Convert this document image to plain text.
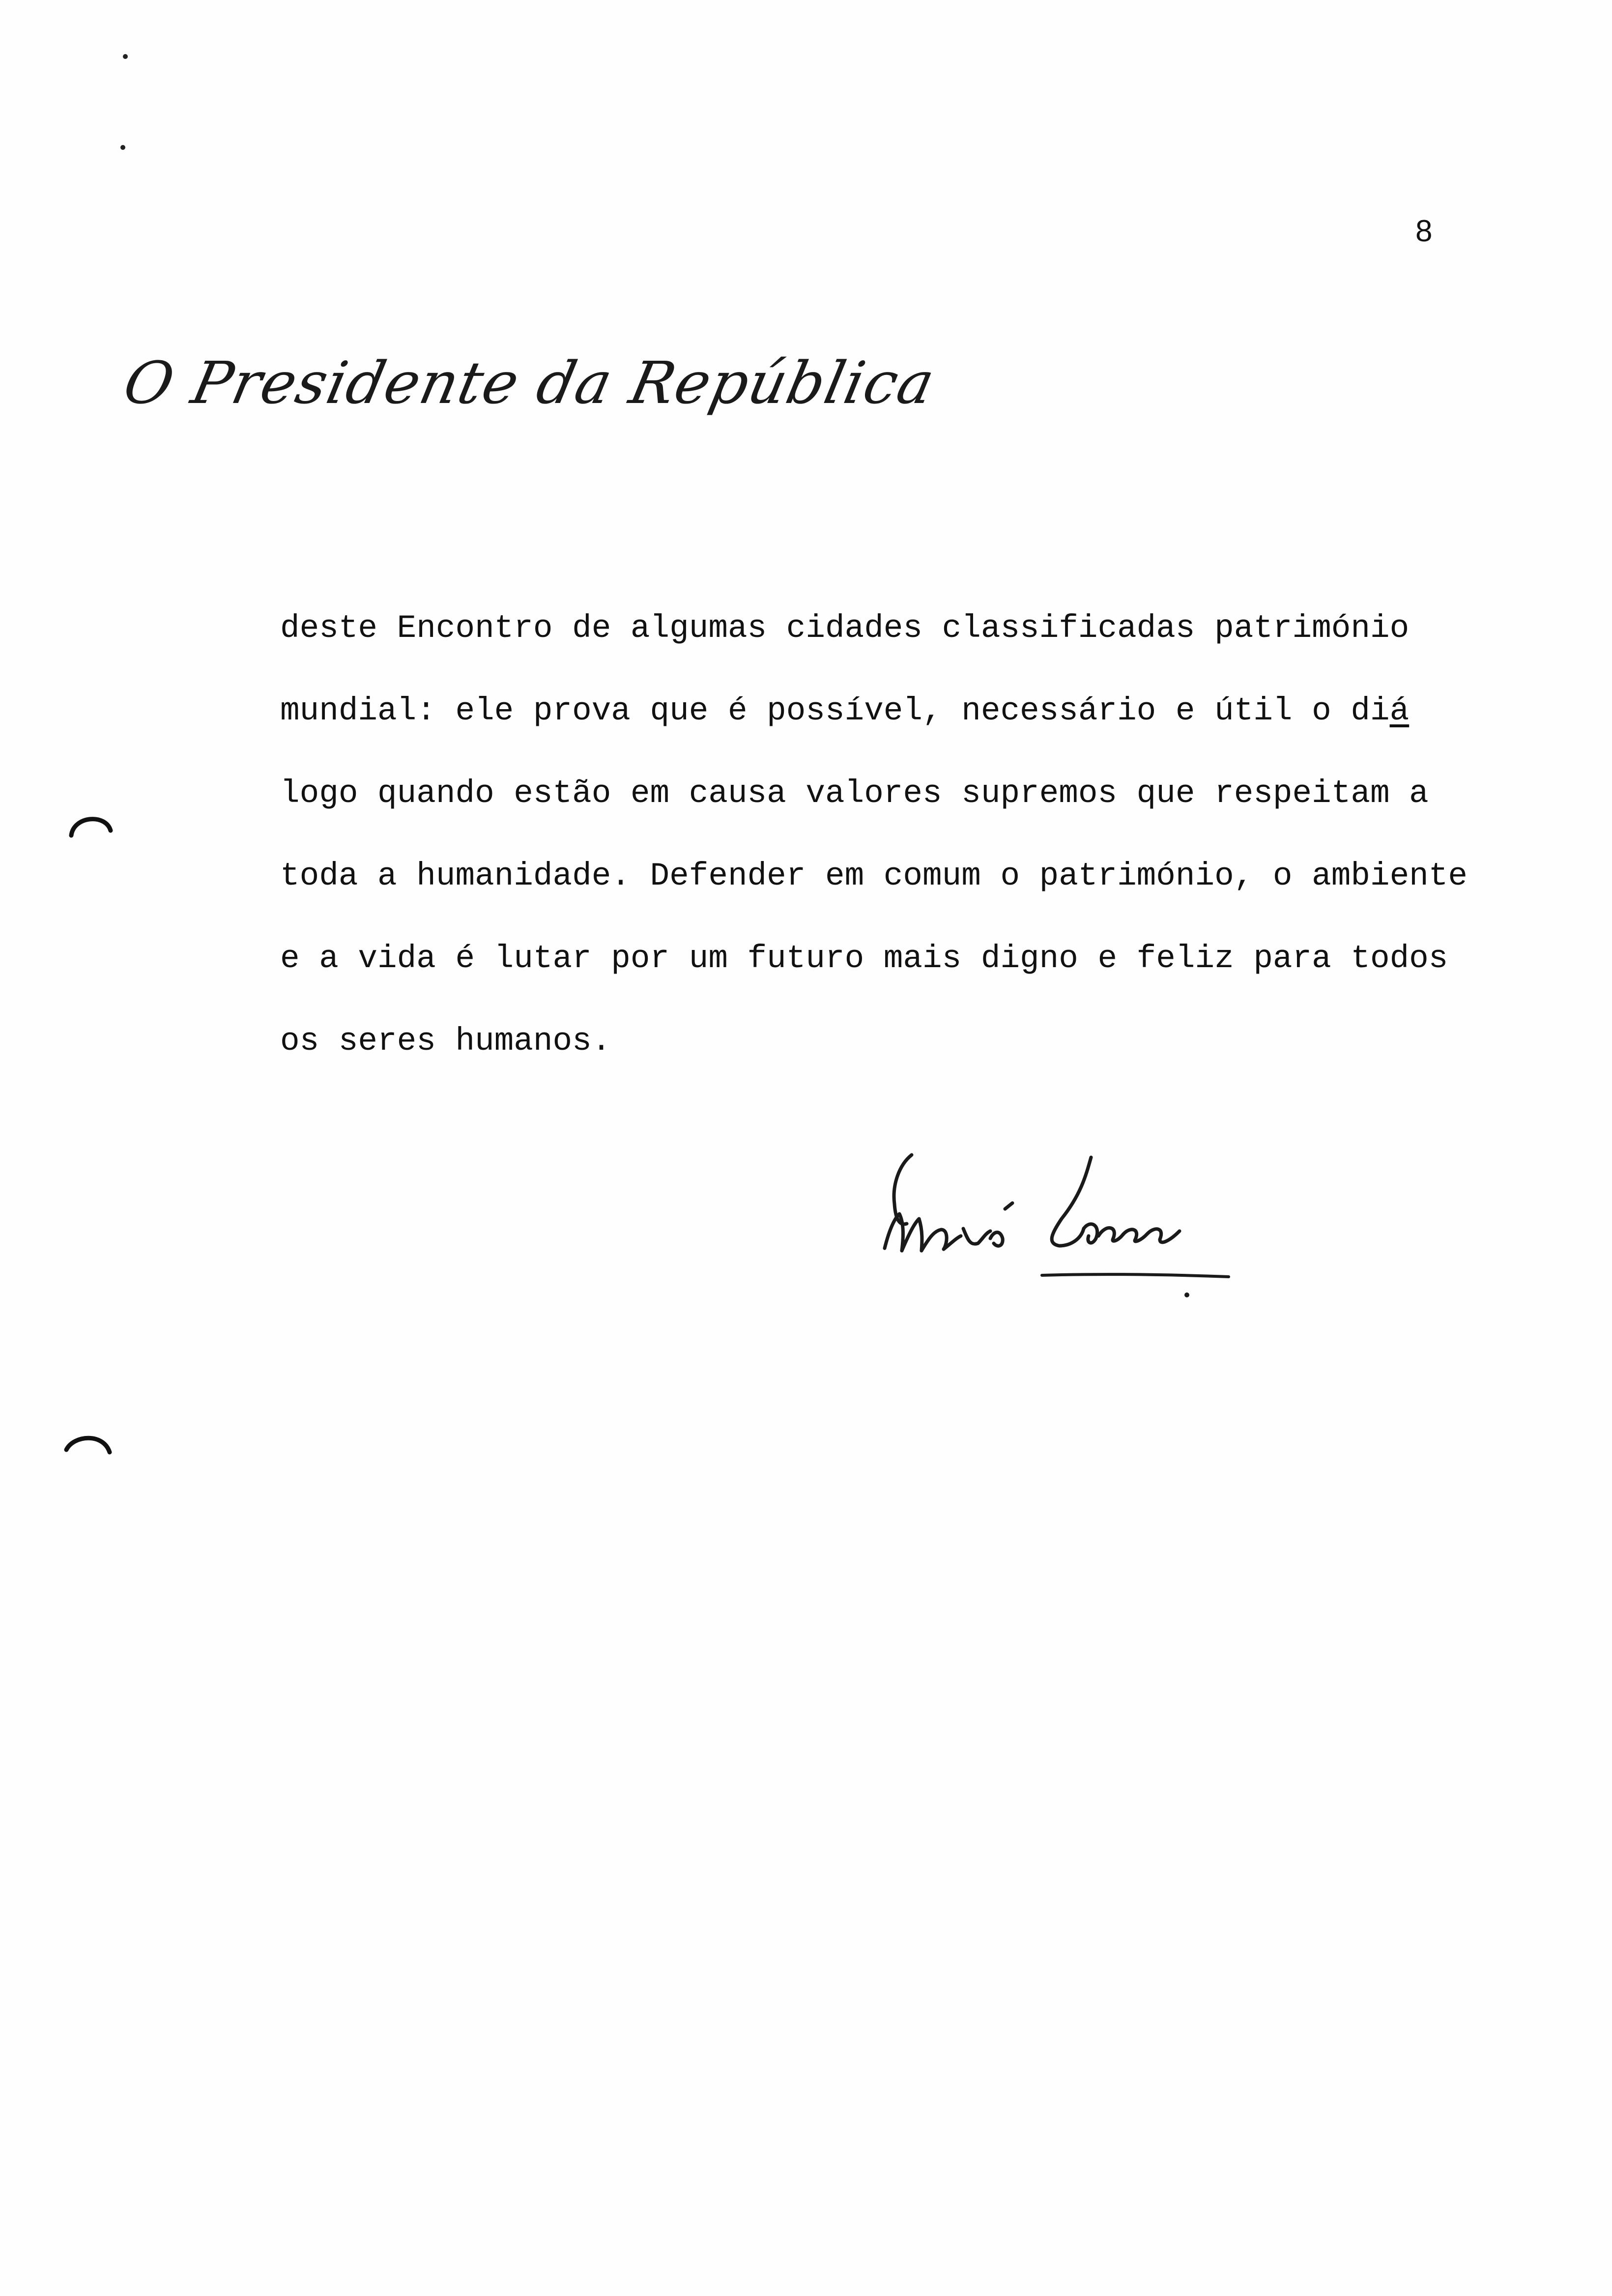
8
O Presidente da República
deste Encontro de algumas cidades classificadas património
mundial: ele prova que é possível, necessário e útil o diá
logo quando estão em causa valores supremos que respeitam a
toda a humanidade. Defender em comum o património, o ambiente
e a vida é lutar por um futuro mais digno e feliz para todos
os seres humanos.
